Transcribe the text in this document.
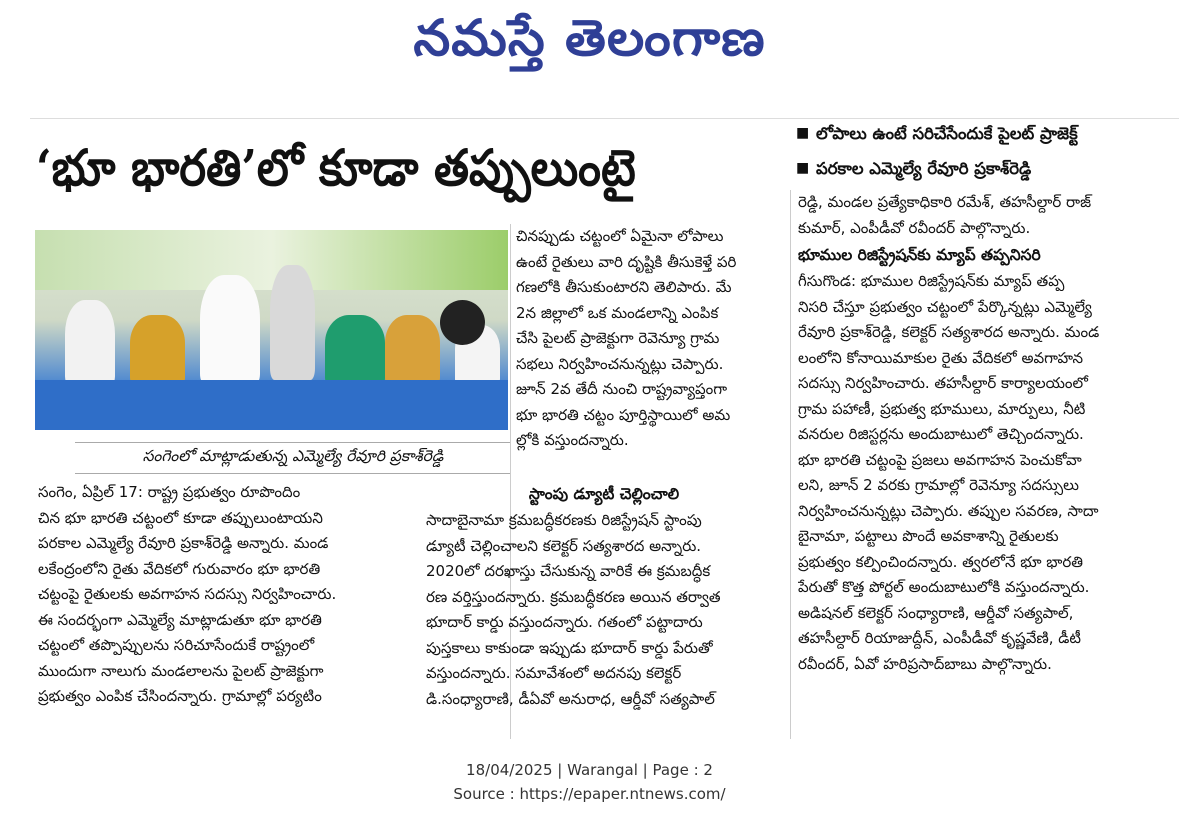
నమస్తే తెలంగాణ
‘భూ భారతి’లో కూడా తప్పులుంటై
■ లోపాలు ఉంటే సరిచేసేందుకే పైలట్ ప్రాజెక్ట్
■ పరకాల ఎమ్మెల్యే రేవూరి ప్రకాశ్‌రెడ్డి
సంగెంలో మాట్లాడుతున్న ఎమ్మెల్యే రేవూరి ప్రకాశ్‌రెడ్డి
సంగెం, ఏప్రిల్ 17: రాష్ట్ర ప్రభుత్వం రూపొందిం
చిన భూ భారతి చట్టంలో కూడా తప్పులుంటాయని
పరకాల ఎమ్మెల్యే రేవూరి ప్రకాశ్‌రెడ్డి అన్నారు. మండ
లకేంద్రంలోని రైతు వేదికలో గురువారం భూ భారతి
చట్టంపై రైతులకు అవగాహన సదస్సు నిర్వహించారు.
ఈ సందర్భంగా ఎమ్మెల్యే మాట్లాడుతూ భూ భారతి
చట్టంలో తప్పొప్పులను సరిచూసేందుకే రాష్ట్రంలో
ముందుగా నాలుగు మండలాలను పైలట్ ప్రాజెక్టుగా
ప్రభుత్వం ఎంపిక చేసిందన్నారు. గ్రామాల్లో పర్యటిం
చినప్పుడు చట్టంలో ఏమైనా లోపాలు
ఉంటే రైతులు వారి దృష్టికి తీసుకెళ్తే పరి
గణలోకి తీసుకుంటారని తెలిపారు. మే
2న జిల్లాలో ఒక మండలాన్ని ఎంపిక
చేసి పైలట్ ప్రాజెక్టుగా రెవెన్యూ గ్రామ
సభలు నిర్వహించనున్నట్లు చెప్పారు.
జూన్ 2వ తేదీ నుంచి రాష్ట్రవ్యాప్తంగా
భూ భారతి చట్టం పూర్తిస్థాయిలో అమ
ల్లోకి వస్తుందన్నారు.
స్టాంపు డ్యూటీ చెల్లించాలి
సాదాబైనామా క్రమబద్ధీకరణకు రిజిస్ట్రేషన్ స్టాంపు
డ్యూటీ చెల్లించాలని కలెక్టర్ సత్యశారద అన్నారు.
2020లో దరఖాస్తు చేసుకున్న వారికే ఈ క్రమబద్ధీక
రణ వర్తిస్తుందన్నారు. క్రమబద్ధీకరణ అయిన తర్వాత
భూదార్ కార్డు వస్తుందన్నారు. గతంలో పట్టాదారు
పుస్తకాలు కాకుండా ఇప్పుడు భూదార్ కార్డు పేరుతో
వస్తుందన్నారు. సమావేశంలో అదనపు కలెక్టర్
డి.సంధ్యారాణి, డీఏవో అనురాధ, ఆర్డీవో సత్యపాల్
రెడ్డి, మండల ప్రత్యేకాధికారి రమేశ్, తహసీల్దార్ రాజ్
కుమార్, ఎంపీడీవో రవీందర్ పాల్గొన్నారు.
భూముల రిజిస్ట్రేషన్‌కు మ్యాప్ తప్పనిసరి
గీసుగొండ: భూముల రిజిస్ట్రేషన్‌కు మ్యాప్ తప్ప
నిసరి చేస్తూ ప్రభుత్వం చట్టంలో పేర్కొన్నట్లు ఎమ్మెల్యే
రేవూరి ప్రకాశ్‌రెడ్డి, కలెక్టర్ సత్యశారద అన్నారు. మండ
లంలోని కోనాయిమాకుల రైతు వేదికలో అవగాహన
సదస్సు నిర్వహించారు. తహసీల్దార్ కార్యాలయంలో
గ్రామ పహాణీ, ప్రభుత్వ భూములు, మార్పులు, నీటి
వనరుల రిజిస్టర్లను అందుబాటులో తెచ్చిందన్నారు.
భూ భారతి చట్టంపై ప్రజలు అవగాహన పెంచుకోవా
లని, జూన్ 2 వరకు గ్రామాల్లో రెవెన్యూ సదస్సులు
నిర్వహించనున్నట్లు చెప్పారు. తప్పుల సవరణ, సాదా
బైనామా, పట్టాలు పొందే అవకాశాన్ని రైతులకు
ప్రభుత్వం కల్పించిందన్నారు. త్వరలోనే భూ భారతి
పేరుతో కొత్త పోర్టల్ అందుబాటులోకి వస్తుందన్నారు.
అడిషనల్ కలెక్టర్ సంధ్యారాణి, ఆర్డీవో సత్యపాల్,
తహసీల్దార్ రియాజుద్దీన్, ఎంపీడీవో కృష్ణవేణి, డీటీ
రవీందర్, ఏవో హరిప్రసాద్‌బాబు పాల్గొన్నారు.
18/04/2025 | Warangal | Page : 2
Source : https://epaper.ntnews.com/
